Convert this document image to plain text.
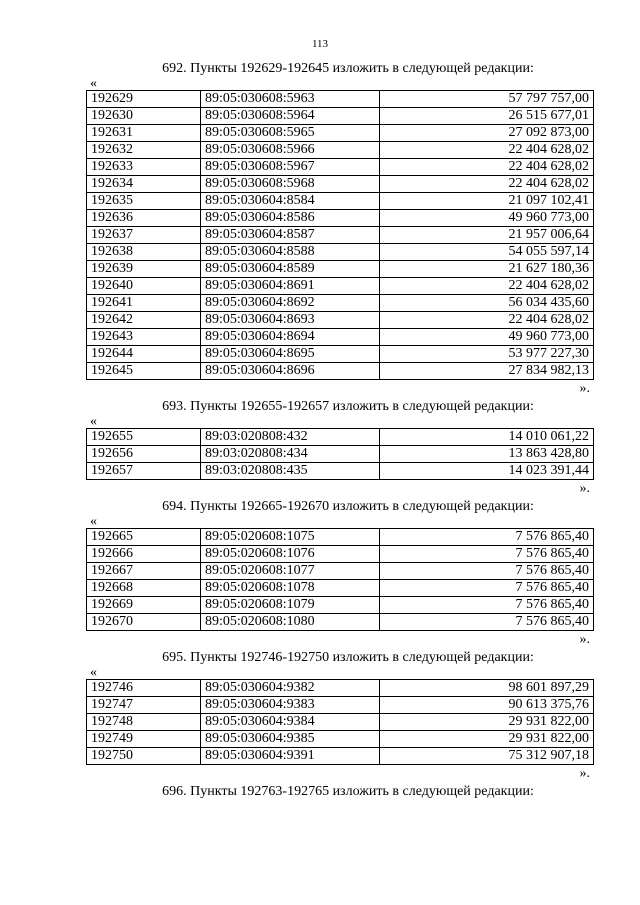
113

692. Пункты 192629-192645 изложить в следующей редакции:

«

192629	89:05:030608:5963	57 797 757,00
192630	89:05:030608:5964	26 515 677,01
192631	89:05:030608:5965	27 092 873,00
192632	89:05:030608:5966	22 404 628,02
192633	89:05:030608:5967	22 404 628,02
192634	89:05:030608:5968	22 404 628,02
192635	89:05:030604:8584	21 097 102,41
192636	89:05:030604:8586	49 960 773,00
192637	89:05:030604:8587	21 957 006,64
192638	89:05:030604:8588	54 055 597,14
192639	89:05:030604:8589	21 627 180,36
192640	89:05:030604:8691	22 404 628,02
192641	89:05:030604:8692	56 034 435,60
192642	89:05:030604:8693	22 404 628,02
192643	89:05:030604:8694	49 960 773,00
192644	89:05:030604:8695	53 977 227,30
192645	89:05:030604:8696	27 834 982,13

».

693. Пункты 192655-192657 изложить в следующей редакции:

«

192655	89:03:020808:432	14 010 061,22
192656	89:03:020808:434	13 863 428,80
192657	89:03:020808:435	14 023 391,44

».

694. Пункты 192665-192670 изложить в следующей редакции:

«

192665	89:05:020608:1075	7 576 865,40
192666	89:05:020608:1076	7 576 865,40
192667	89:05:020608:1077	7 576 865,40
192668	89:05:020608:1078	7 576 865,40
192669	89:05:020608:1079	7 576 865,40
192670	89:05:020608:1080	7 576 865,40

».

695. Пункты 192746-192750 изложить в следующей редакции:

«

192746	89:05:030604:9382	98 601 897,29
192747	89:05:030604:9383	90 613 375,76
192748	89:05:030604:9384	29 931 822,00
192749	89:05:030604:9385	29 931 822,00
192750	89:05:030604:9391	75 312 907,18

».

696. Пункты 192763-192765 изложить в следующей редакции:
